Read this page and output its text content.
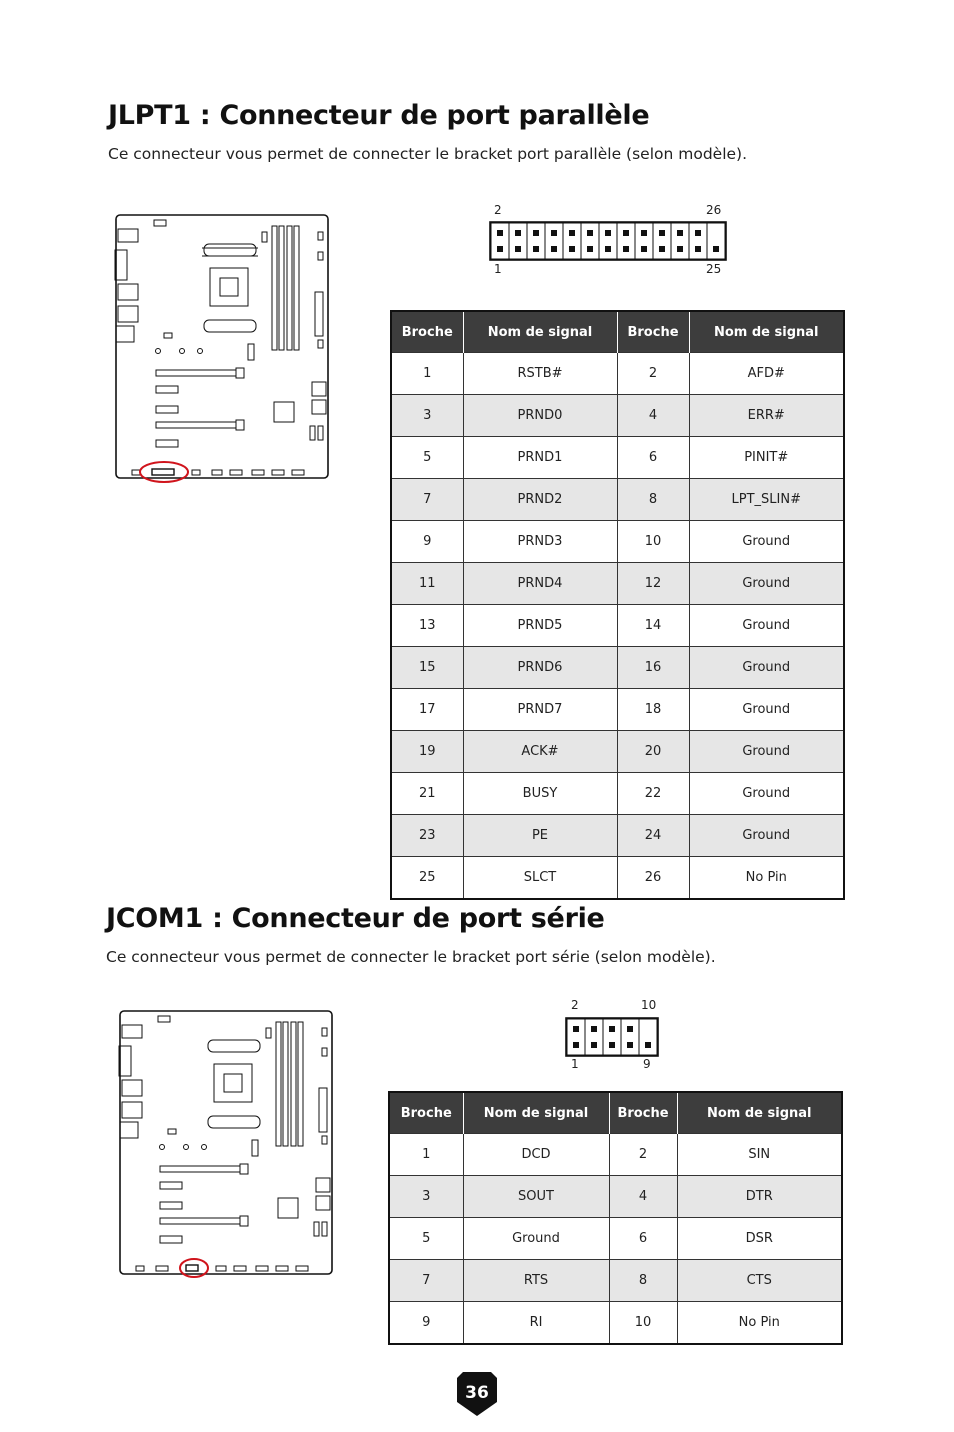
JLPT1 : Connecteur de port parallèle
Ce connecteur vous permet de connecter le bracket port parallèle (selon modèle).
2	26
1	25
Broche	Nom de signal	Broche	Nom de signal
1	RSTB#	2	AFD#
3	PRND0	4	ERR#
5	PRND1	6	PINIT#
7	PRND2	8	LPT_SLIN#
9	PRND3	10	Ground
11	PRND4	12	Ground
13	PRND5	14	Ground
15	PRND6	16	Ground
17	PRND7	18	Ground
19	ACK#	20	Ground
21	BUSY	22	Ground
23	PE	24	Ground
25	SLCT	26	No Pin
JCOM1 : Connecteur de port série
Ce connecteur vous permet de connecter le bracket port série (selon modèle).
2	10
1	9
Broche	Nom de signal	Broche	Nom de signal
1	DCD	2	SIN
3	SOUT	4	DTR
5	Ground	6	DSR
7	RTS	8	CTS
9	RI	10	No Pin
36
